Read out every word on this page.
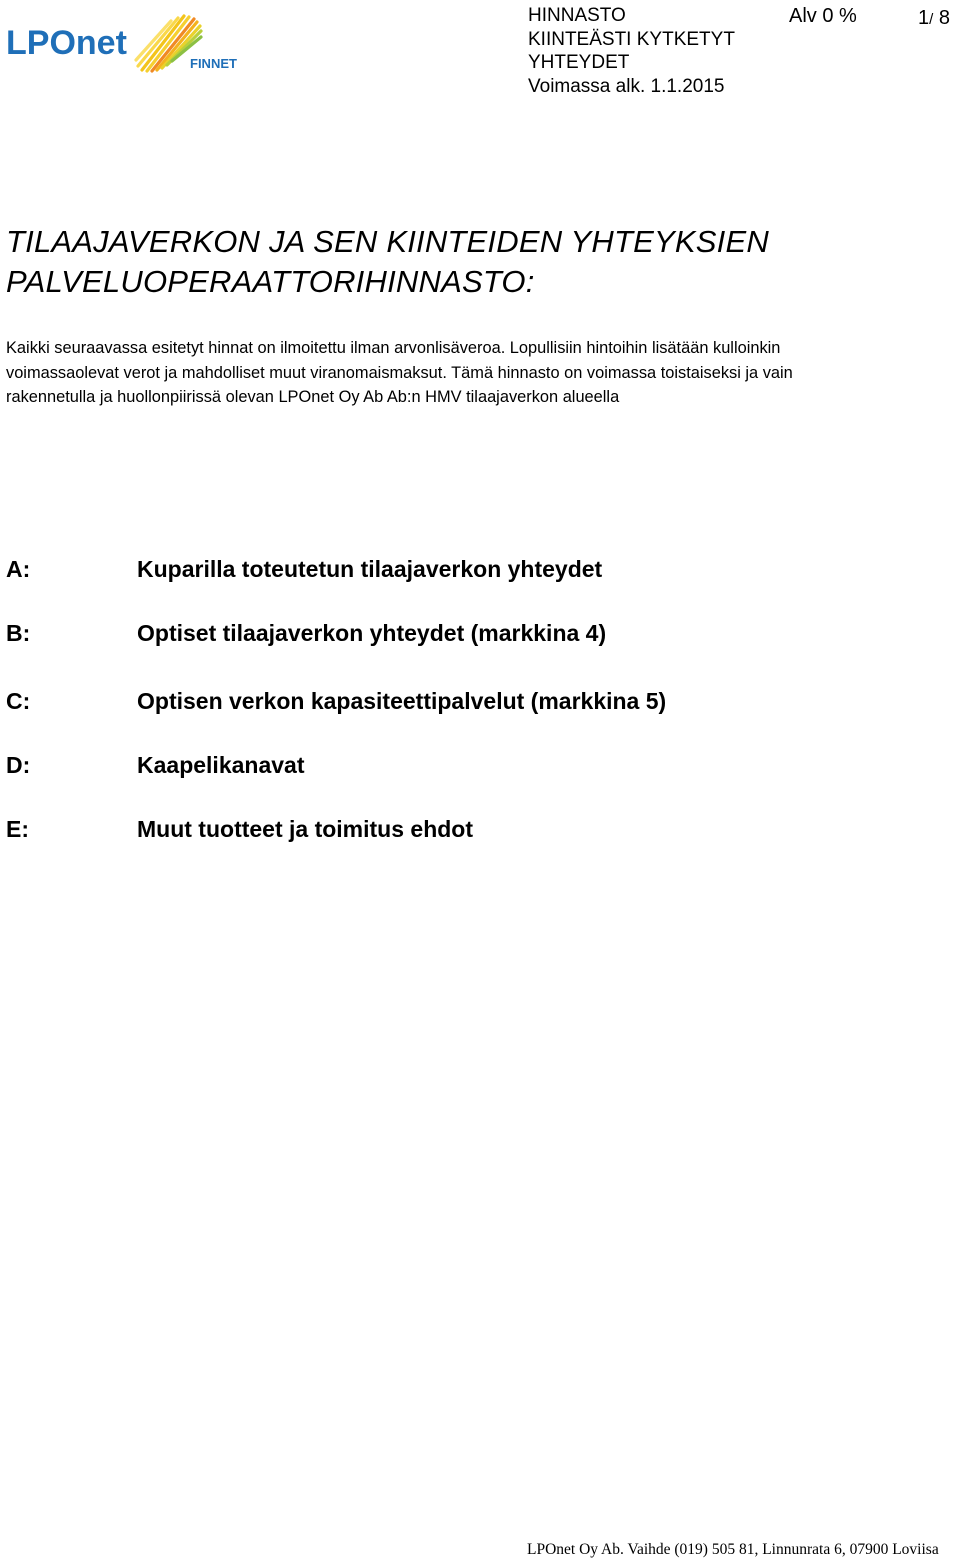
LPOnet
FINNET
HINNASTO
KIINTEÄSTI KYTKETYT
YHTEYDET
Voimassa alk. 1.1.2015
Alv 0 %	1/ 8
TILAAJAVERKON JA SEN KIINTEIDEN YHTEYKSIEN
PALVELUOPERAATTORIHINNASTO:
Kaikki seuraavassa esitetyt hinnat on ilmoitettu ilman arvonlisäveroa. Lopullisiin hintoihin lisätään kulloinkin
voimassaolevat verot ja mahdolliset muut viranomaismaksut. Tämä hinnasto on voimassa toistaiseksi ja vain
rakennetulla ja huollonpiirissä olevan LPOnet Oy Ab Ab:n HMV tilaajaverkon alueella
A:	Kuparilla toteutetun tilaajaverkon yhteydet
B:	Optiset tilaajaverkon yhteydet (markkina 4)
C:	Optisen verkon kapasiteettipalvelut (markkina 5)
D:	Kaapelikanavat
E:	Muut tuotteet ja toimitus ehdot
LPOnet Oy Ab. Vaihde (019) 505 81, Linnunrata 6, 07900 Loviisa
